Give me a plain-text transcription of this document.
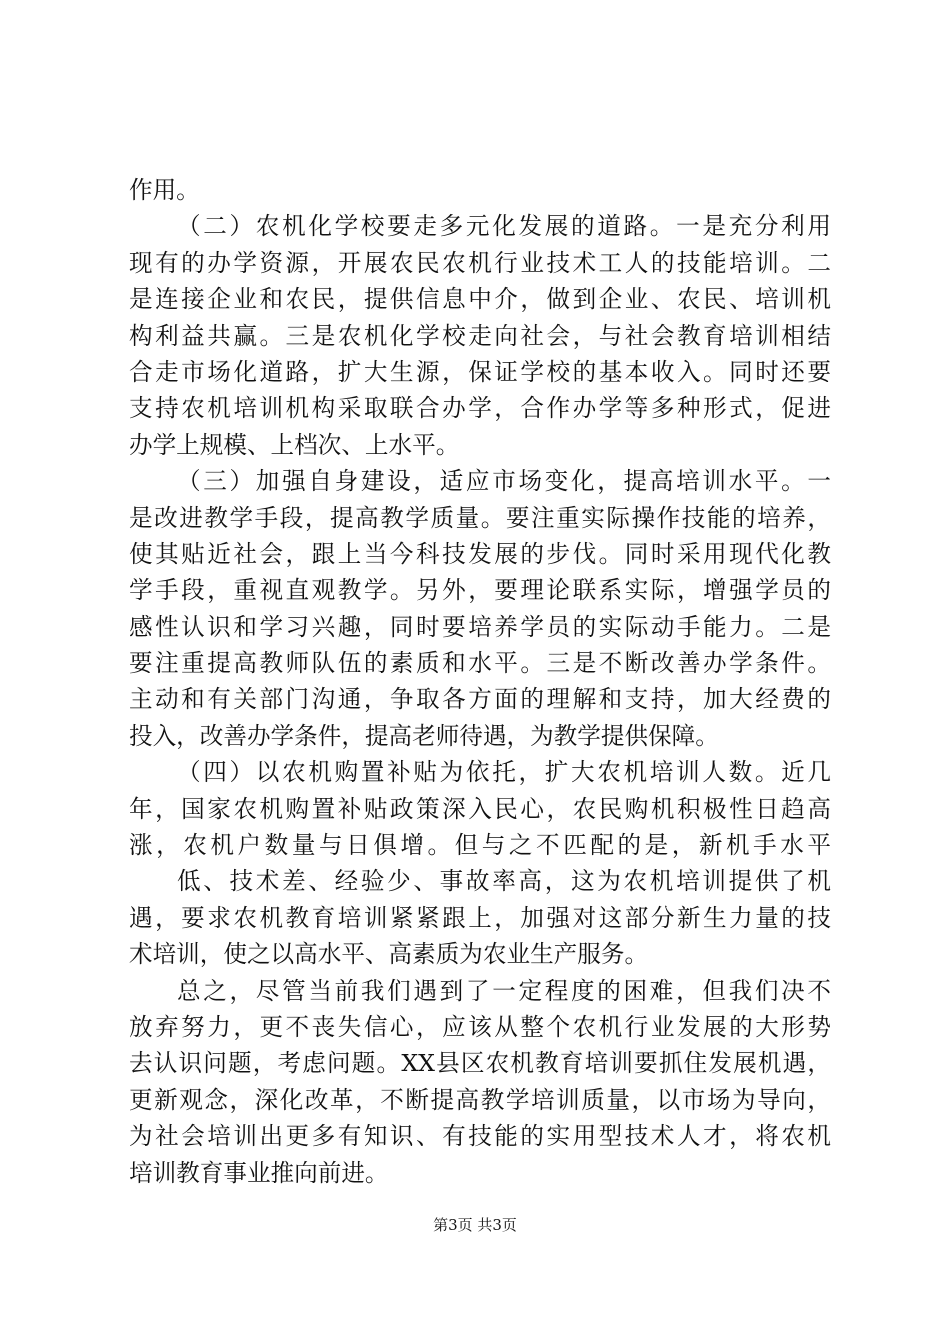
作用。
（二）农机化学校要走多元化发展的道路。一是充分利用
现有的办学资源，开展农民农机行业技术工人的技能培训。二
是连接企业和农民，提供信息中介，做到企业、农民、培训机
构利益共赢。三是农机化学校走向社会，与社会教育培训相结
合走市场化道路，扩大生源，保证学校的基本收入。同时还要
支持农机培训机构采取联合办学，合作办学等多种形式，促进
办学上规模、上档次、上水平。
（三）加强自身建设，适应市场变化，提高培训水平。一
是改进教学手段，提高教学质量。要注重实际操作技能的培养，
使其贴近社会，跟上当今科技发展的步伐。同时采用现代化教
学手段，重视直观教学。另外，要理论联系实际，增强学员的
感性认识和学习兴趣，同时要培养学员的实际动手能力。二是
要注重提高教师队伍的素质和水平。三是不断改善办学条件。
主动和有关部门沟通，争取各方面的理解和支持，加大经费的
投入，改善办学条件，提高老师待遇，为教学提供保障。
（四）以农机购置补贴为依托，扩大农机培训人数。近几
年，国家农机购置补贴政策深入民心，农民购机积极性日趋高
涨，农机户数量与日俱增。但与之不匹配的是，新机手水平
低、技术差、经验少、事故率高，这为农机培训提供了机
遇，要求农机教育培训紧紧跟上，加强对这部分新生力量的技
术培训，使之以高水平、高素质为农业生产服务。
总之，尽管当前我们遇到了一定程度的困难，但我们决不
放弃努力，更不丧失信心，应该从整个农机行业发展的大形势
去认识问题，考虑问题。XX县区农机教育培训要抓住发展机遇，
更新观念，深化改革，不断提高教学培训质量，以市场为导向，
为社会培训出更多有知识、有技能的实用型技术人才，将农机
培训教育事业推向前进。
第3页 共3页
